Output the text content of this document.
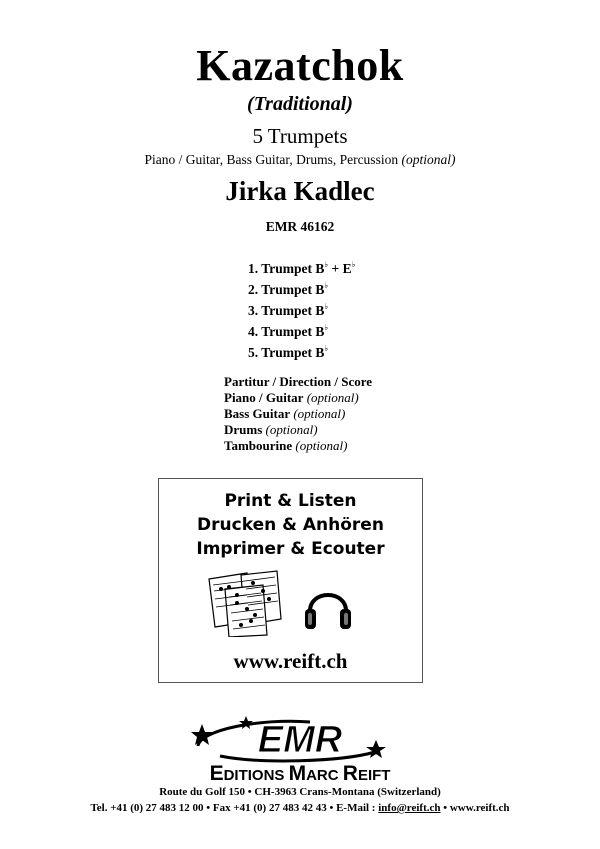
Kazatchok
(Traditional)
5 Trumpets
Piano / Guitar, Bass Guitar, Drums, Percussion (optional)
Jirka Kadlec
EMR 46162
1. Trumpet B♭ + E♭
2. Trumpet B♭
3. Trumpet B♭
4. Trumpet B♭
5. Trumpet B♭
Partitur / Direction / Score
Piano / Guitar (optional)
Bass Guitar (optional)
Drums (optional)
Tambourine (optional)
Print & Listen
Drucken & Anhören
Imprimer & Ecouter
www.reift.ch
EMR
EDITIONS MARC REIFT
Route du Golf 150 • CH-3963 Crans-Montana (Switzerland)
Tel. +41 (0) 27 483 12 00 • Fax +41 (0) 27 483 42 43 • E-Mail : info@reift.ch • www.reift.ch
